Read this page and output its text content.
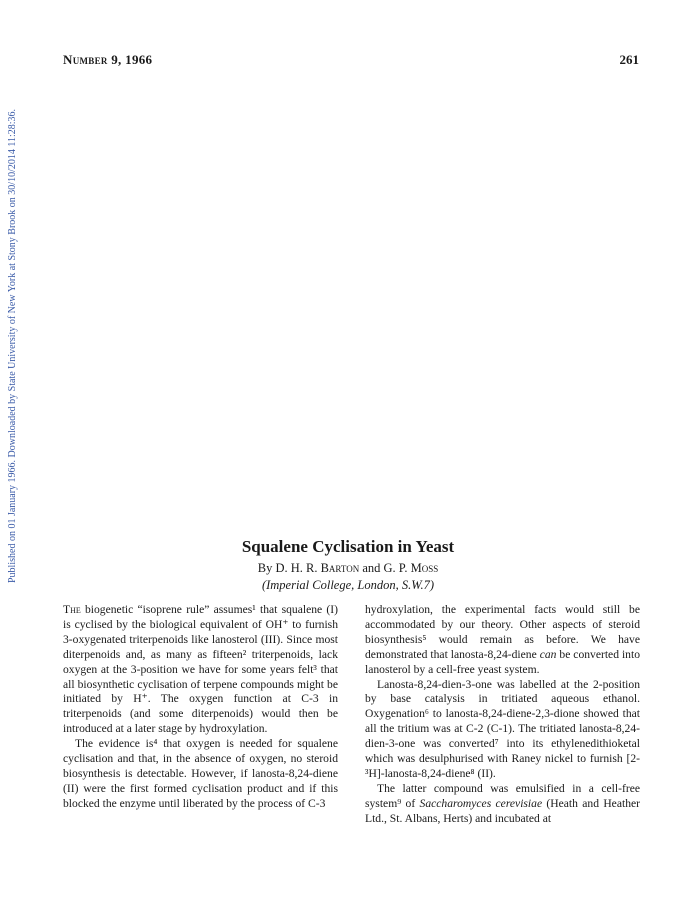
Number 9, 1966	261
Published on 01 January 1966. Downloaded by State University of New York at Stony Brook on 30/10/2014 11:28:36.	Squalene Cyclisation in Yeast
By D. H. R. Barton and G. P. Moss
(Imperial College, London, S.W.7)

The biogenetic “isoprene rule” assumes¹ that squalene (I) is cyclised by the biological equivalent of OH⁺ to furnish 3-oxygenated triterpenoids like lanosterol (III). Since most diterpenoids and, as many as fifteen² triterpenoids, lack oxygen at the 3-position we have for some years felt³ that all biosynthetic cyclisation of terpene compounds might be initiated by H⁺. The oxygen function at C-3 in triterpenoids (and some diterpenoids) would then be introduced at a later stage by hydroxylation.

The evidence is⁴ that oxygen is needed for squalene cyclisation and that, in the absence of oxygen, no steroid biosynthesis is detectable. However, if lanosta-8,24-diene (II) were the first formed cyclisation product and if this blocked the enzyme until liberated by the process of C-3

hydroxylation, the experimental facts would still be accommodated by our theory. Other aspects of steroid biosynthesis⁵ would remain as before. We have demonstrated that lanosta-8,24-diene can be converted into lanosterol by a cell-free yeast system.

Lanosta-8,24-dien-3-one was labelled at the 2-position by base catalysis in tritiated aqueous ethanol. Oxygenation⁶ to lanosta-8,24-diene-2,3-dione showed that all the tritium was at C-2 (C-1). The tritiated lanosta-8,24-dien-3-one was converted⁷ into its ethylenedithioketal which was desulphurised with Raney nickel to furnish [2-³H]-lanosta-8,24-diene⁸ (II).

The latter compound was emulsified in a cell-free system⁹ of Saccharomyces cerevisiae (Heath and Heather Ltd., St. Albans, Herts) and incubated at
